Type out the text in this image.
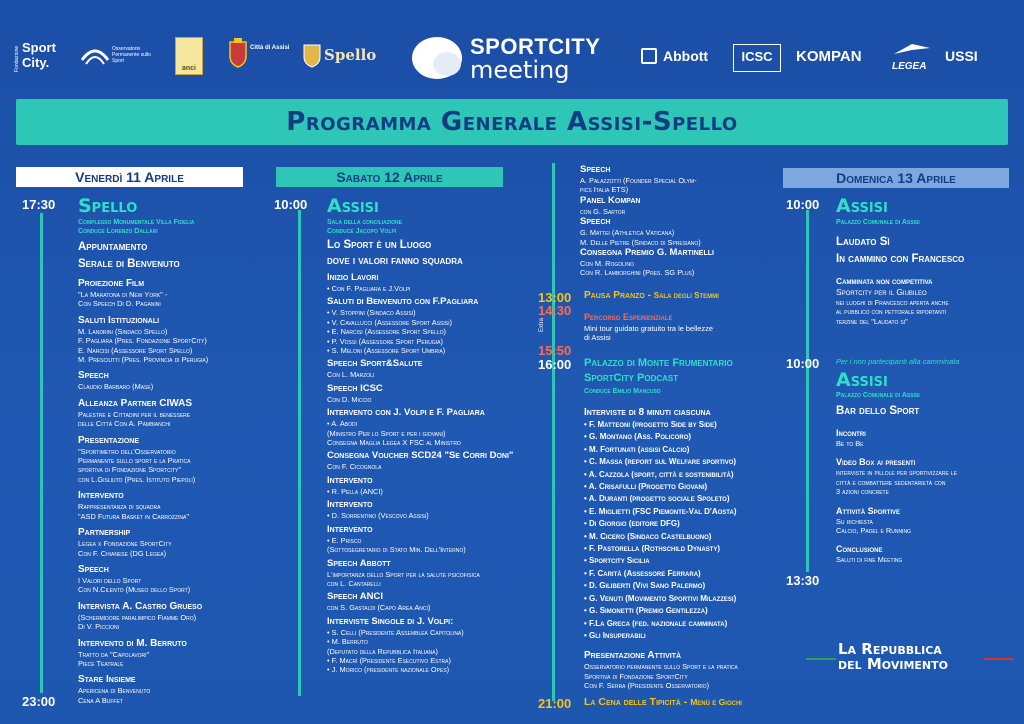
Fondazione Sport City.
Osservatorio Permanente sullo Sport
anci
Città di Assisi Spello	SPORTCITY
meeting	Abbott	ICSC	KOMPAN
LEGEA
USSI
Programma Generale Assisi-Spello
Venerdì 11 Aprile
17:30
23:00
Spello
Complesso Monumentale Villa Fidelia
Conduce Lorenzo Dallari
Appuntamento
Serale di Benvenuto
Proiezione Film
"La Maratona di New York" -
Con Speech Di D. Paganini
Saluti Istituzionali
M. Landrini (Sindaco Spello)
F. Pagliara (Pres. Fondazione SportCity)
E. Narcisi (Assessore Sport Spello)
M. Presciutti (Pres. Provincia di Perugia)
Speech
Claudio Barbaro (Mase)
Alleanza Partner CIWAS
Palestre e Cittadini per il benessere
delle Città Con A. Pambianchi
Presentazione
"Sportimetro dell'Osservatorio
Permanente sullo sport e la Pratica
sportiva di Fondazione Sportcity"
con L.Gisliuto (Pres. Istituto Piepoli)
Intervento
Rappresentanza di squadra
"ASD Futura Basket in Carrozzina"
Partnership
Legea x Fondazione SportCity
Con F. Chianese (DG Legea)
Speech
I Valori dello Sport
Con N.Cilento (Museo dello Sport)
Intervista A. Castro Grueso
(Schermidore paralimpico Fiamme Oro)
Di V. Piccioni
Intervento di M. Berruto
Tratto da "Capolavori"
Piece Teatrale
Stare Insieme
Apericena di Benvenuto
Cena A Buffet
Sabato 12 Aprile
10:00 Assisi
Sala della conciliazione
Conduce Jacopo Volpi
Lo Sport è un Luogo
dove i valori fanno squadra
Inizio Lavori
• Con F. Pagliara e J.Volpi
Saluti di Benvenuto con F.Pagliara
• V. Stoppini (Sindaco Assisi)
• V. Cavallucci (Assessore Sport Assisi)
• E. Narcisi (Assessore Sport Spello)
• P. Vossi (Assessore Sport Perugia)
• S. Meloni (Assessore Sport Umbria)
Speech Sport&Salute
Con L. Marzoli
Speech ICSC
Con D. Miccio
Intervento con J. Volpi e F. Pagliara
• A. Abodi
(Ministro Per lo Sport e per i giovani)
Consegna Maglia Legea X FSC al Ministro
Consegna Voucher SCD24 "Se Corri Doni"
Con F. Cicognola
Intervento
• R. Pella (ANCI)
Intervento
• D. Sorrentino (Vescovo Assisi)
Intervento
• E. Prisco
(Sottosegretario di Stato Min. Dell'Interno)
Speech Abbott
L'importanza dello Sport per la salute psicofisica
con L. Cantarelli
Speech ANCI
con S. Gastaldi (Capo Area Anci)
Interviste Singole di J. Volpi:
• S. Celli (Presidente Assemblea Capitolina)
• M. Berruto
(Deputato della Repubblica Italiana)
• F. Macrì (Presidente Esecutivo Estra)
• J. Morico (presidente nazionale Opes)
Speech
A. Palazzotti (Founder Special Olym-
pics Italia ETS)
Panel Kompan
con G. Sartor
Speech
G. Mattei (Athletica Vaticana)
M. Delle Pietre (Sindaco di Spresiano)
Consegna Premio G. Martinelli
Con M. Rogolino
Con R. Lamborghini (Pres. SG Plus)
13:00 Pausa Pranzo - Sala degli Stemmi
14:30
Extra
15:50
Percorso Esperienziale
Mini tour guidato gratuito tra le bellezze
di Assisi
16:00 Palazzo di Monte Frumentario
SportCity Podcast
Conduce Emilio Mancuso
Interviste di 8 minuti ciascuna
• F. Matteoni (progetto Side by Side)
• G. Montano (Ass. Policoro)
• M. Fortunati (assisi Calcio)
• C. Massa (report sul Welfare sportivo)
• A. Cazzola (sport, città e sostenibilità)
• A. Crisafulli (Progetto Giovani)
• A. Duranti (progetto sociale Spoleto)
• E. Miglietti (FSC Piemonte-Val D'Aosta)
• Di Giorgio (editore DFG)
• M. Cicero (Sindaco Castelbuono)
• F. Pastorella (Rothschild Dynasty)
• Sportcity Sicilia
• F. Carità (Assessore Ferrara)
• D. Giliberti (Vivi Sano Palermo)
• G. Venuti (Movimento Sportivi Milazzesi)
• G. Simonetti (Premio Gentilezza)
• F.La Greca (fed. nazionale camminata)
• Gli Insuperabili
Presentazione Attività
Osservatorio permanente sullo Sport e la pratica
Sportiva di Fondazione SportCity
Con F. Serra (Presidente Osservatorio)
21:00 La Cena delle Tipicità - Menù e Giochi
Domenica 13 Aprile
10:00 Assisi
Palazzo Comunale di Assisi
Laudato Sì
In cammino con Francesco
Camminata non competitiva
Sportcity per il Giubileo
nei luoghi di Francesco aperta anche
al pubblico con pettorale riportanti
terzine del "Laudato si"
10:00 Per i non partecipanti alla camminata
Assisi
Palazzo Comunale di Assisi
Bar dello Sport
Incontri
Be to Be
Video Box ai presenti
interviste in pillole per sportivizzare le
città e combattere sedentarietà con
3 azioni concrete
Attività Sportive
Su richiesta
Calcio, Padel e Running
Conclusione
Saluti di fine Meeting
13:30
La Repubblica
del Movimento
